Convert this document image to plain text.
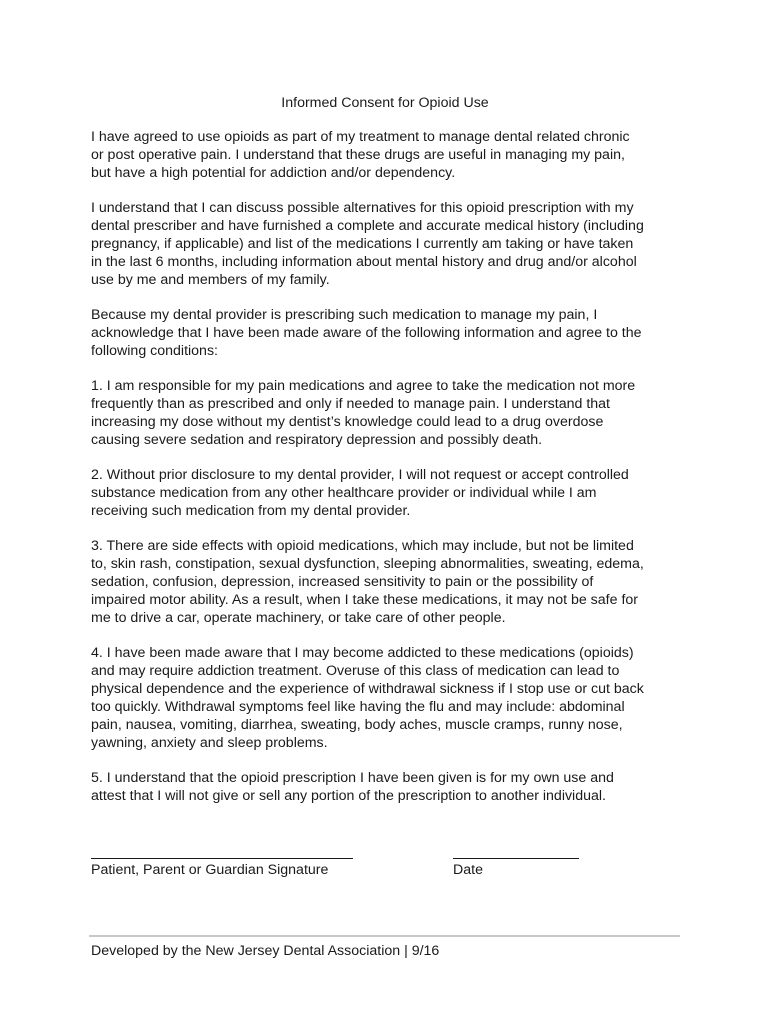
Informed Consent for Opioid Use

I have agreed to use opioids as part of my treatment to manage dental related chronic
or post operative pain. I understand that these drugs are useful in managing my pain,
but have a high potential for addiction and/or dependency.

I understand that I can discuss possible alternatives for this opioid prescription with my
dental prescriber and have furnished a complete and accurate medical history (including
pregnancy, if applicable) and list of the medications I currently am taking or have taken
in the last 6 months, including information about mental history and drug and/or alcohol
use by me and members of my family.

Because my dental provider is prescribing such medication to manage my pain, I
acknowledge that I have been made aware of the following information and agree to the
following conditions:

1. I am responsible for my pain medications and agree to take the medication not more
frequently than as prescribed and only if needed to manage pain. I understand that
increasing my dose without my dentist’s knowledge could lead to a drug overdose
causing severe sedation and respiratory depression and possibly death.

2. Without prior disclosure to my dental provider, I will not request or accept controlled
substance medication from any other healthcare provider or individual while I am
receiving such medication from my dental provider.

3. There are side effects with opioid medications, which may include, but not be limited
to, skin rash, constipation, sexual dysfunction, sleeping abnormalities, sweating, edema,
sedation, confusion, depression, increased sensitivity to pain or the possibility of
impaired motor ability. As a result, when I take these medications, it may not be safe for
me to drive a car, operate machinery, or take care of other people.

4. I have been made aware that I may become addicted to these medications (opioids)
and may require addiction treatment. Overuse of this class of medication can lead to
physical dependence and the experience of withdrawal sickness if I stop use or cut back
too quickly. Withdrawal symptoms feel like having the flu and may include: abdominal
pain, nausea, vomiting, diarrhea, sweating, body aches, muscle cramps, runny nose,
yawning, anxiety and sleep problems.

5. I understand that the opioid prescription I have been given is for my own use and
attest that I will not give or sell any portion of the prescription to another individual.

Patient, Parent or Guardian Signature	Date
Developed by the New Jersey Dental Association | 9/16
